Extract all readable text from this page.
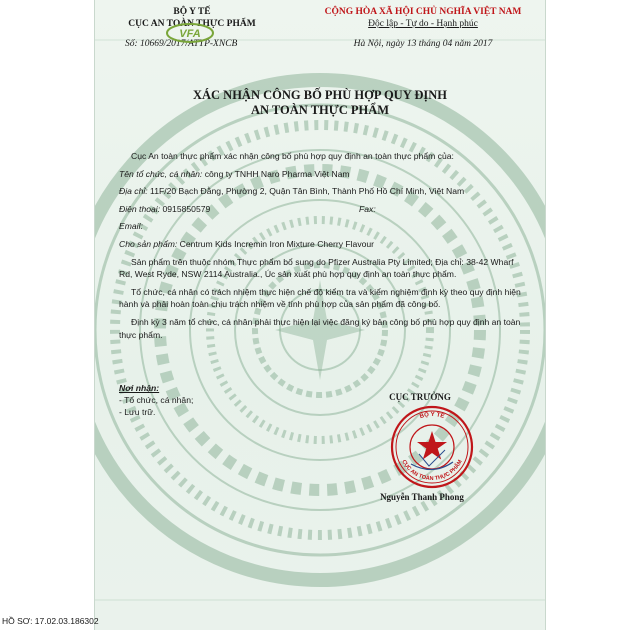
BỘ Y TẾ
CỤC AN TOÀN THỰC PHẨM
Số: 10669/2017/ATTP-XNCB
VFA
CỘNG HÒA XÃ HỘI CHỦ NGHĨA VIỆT NAM
Độc lập - Tự do - Hạnh phúc
Hà Nội, ngày 13 tháng 04 năm 2017
XÁC NHẬN CÔNG BỐ PHÙ HỢP QUY ĐỊNH
AN TOÀN THỰC PHẨM

Cục An toàn thực phẩm xác nhận công bố phù hợp quy định an toàn thực phẩm của:

Tên tổ chức, cá nhân: công ty TNHH Naro Pharma Việt Nam

Địa chỉ: 11F/20 Bạch Đằng, Phường 2, Quận Tân Bình, Thành Phố Hồ Chí Minh, Việt Nam

Điện thoại: 0915850579	Fax:

Email:

Cho sản phẩm: Centrum Kids Incremin Iron Mixture Cherry Flavour

Sản phẩm trên thuộc nhóm Thực phẩm bổ sung do Pfizer Australia Pty Limited; Địa chỉ: 38-42 Wharf Rd, West Ryde, NSW 2114 Australia., Úc sản xuất phù hợp quy định an toàn thực phẩm.

Tổ chức, cá nhân có trách nhiệm thực hiện chế độ kiểm tra và kiểm nghiệm định kỳ theo quy định hiện hành và phải hoàn toàn chịu trách nhiệm về tính phù hợp của sản phẩm đã công bố.

Định kỳ 3 năm tổ chức, cá nhân phải thực hiện lại việc đăng ký bản công bố phù hợp quy định an toàn thực phẩm.

Nơi nhận:
- Tổ chức, cá nhân;
- Lưu trữ.
CỤC TRƯỞNG
BỘ Y TẾ
CỤC AN TOÀN THỰC PHẨM
Nguyễn Thanh Phong
HỒ SƠ: 17.02.03.186302
